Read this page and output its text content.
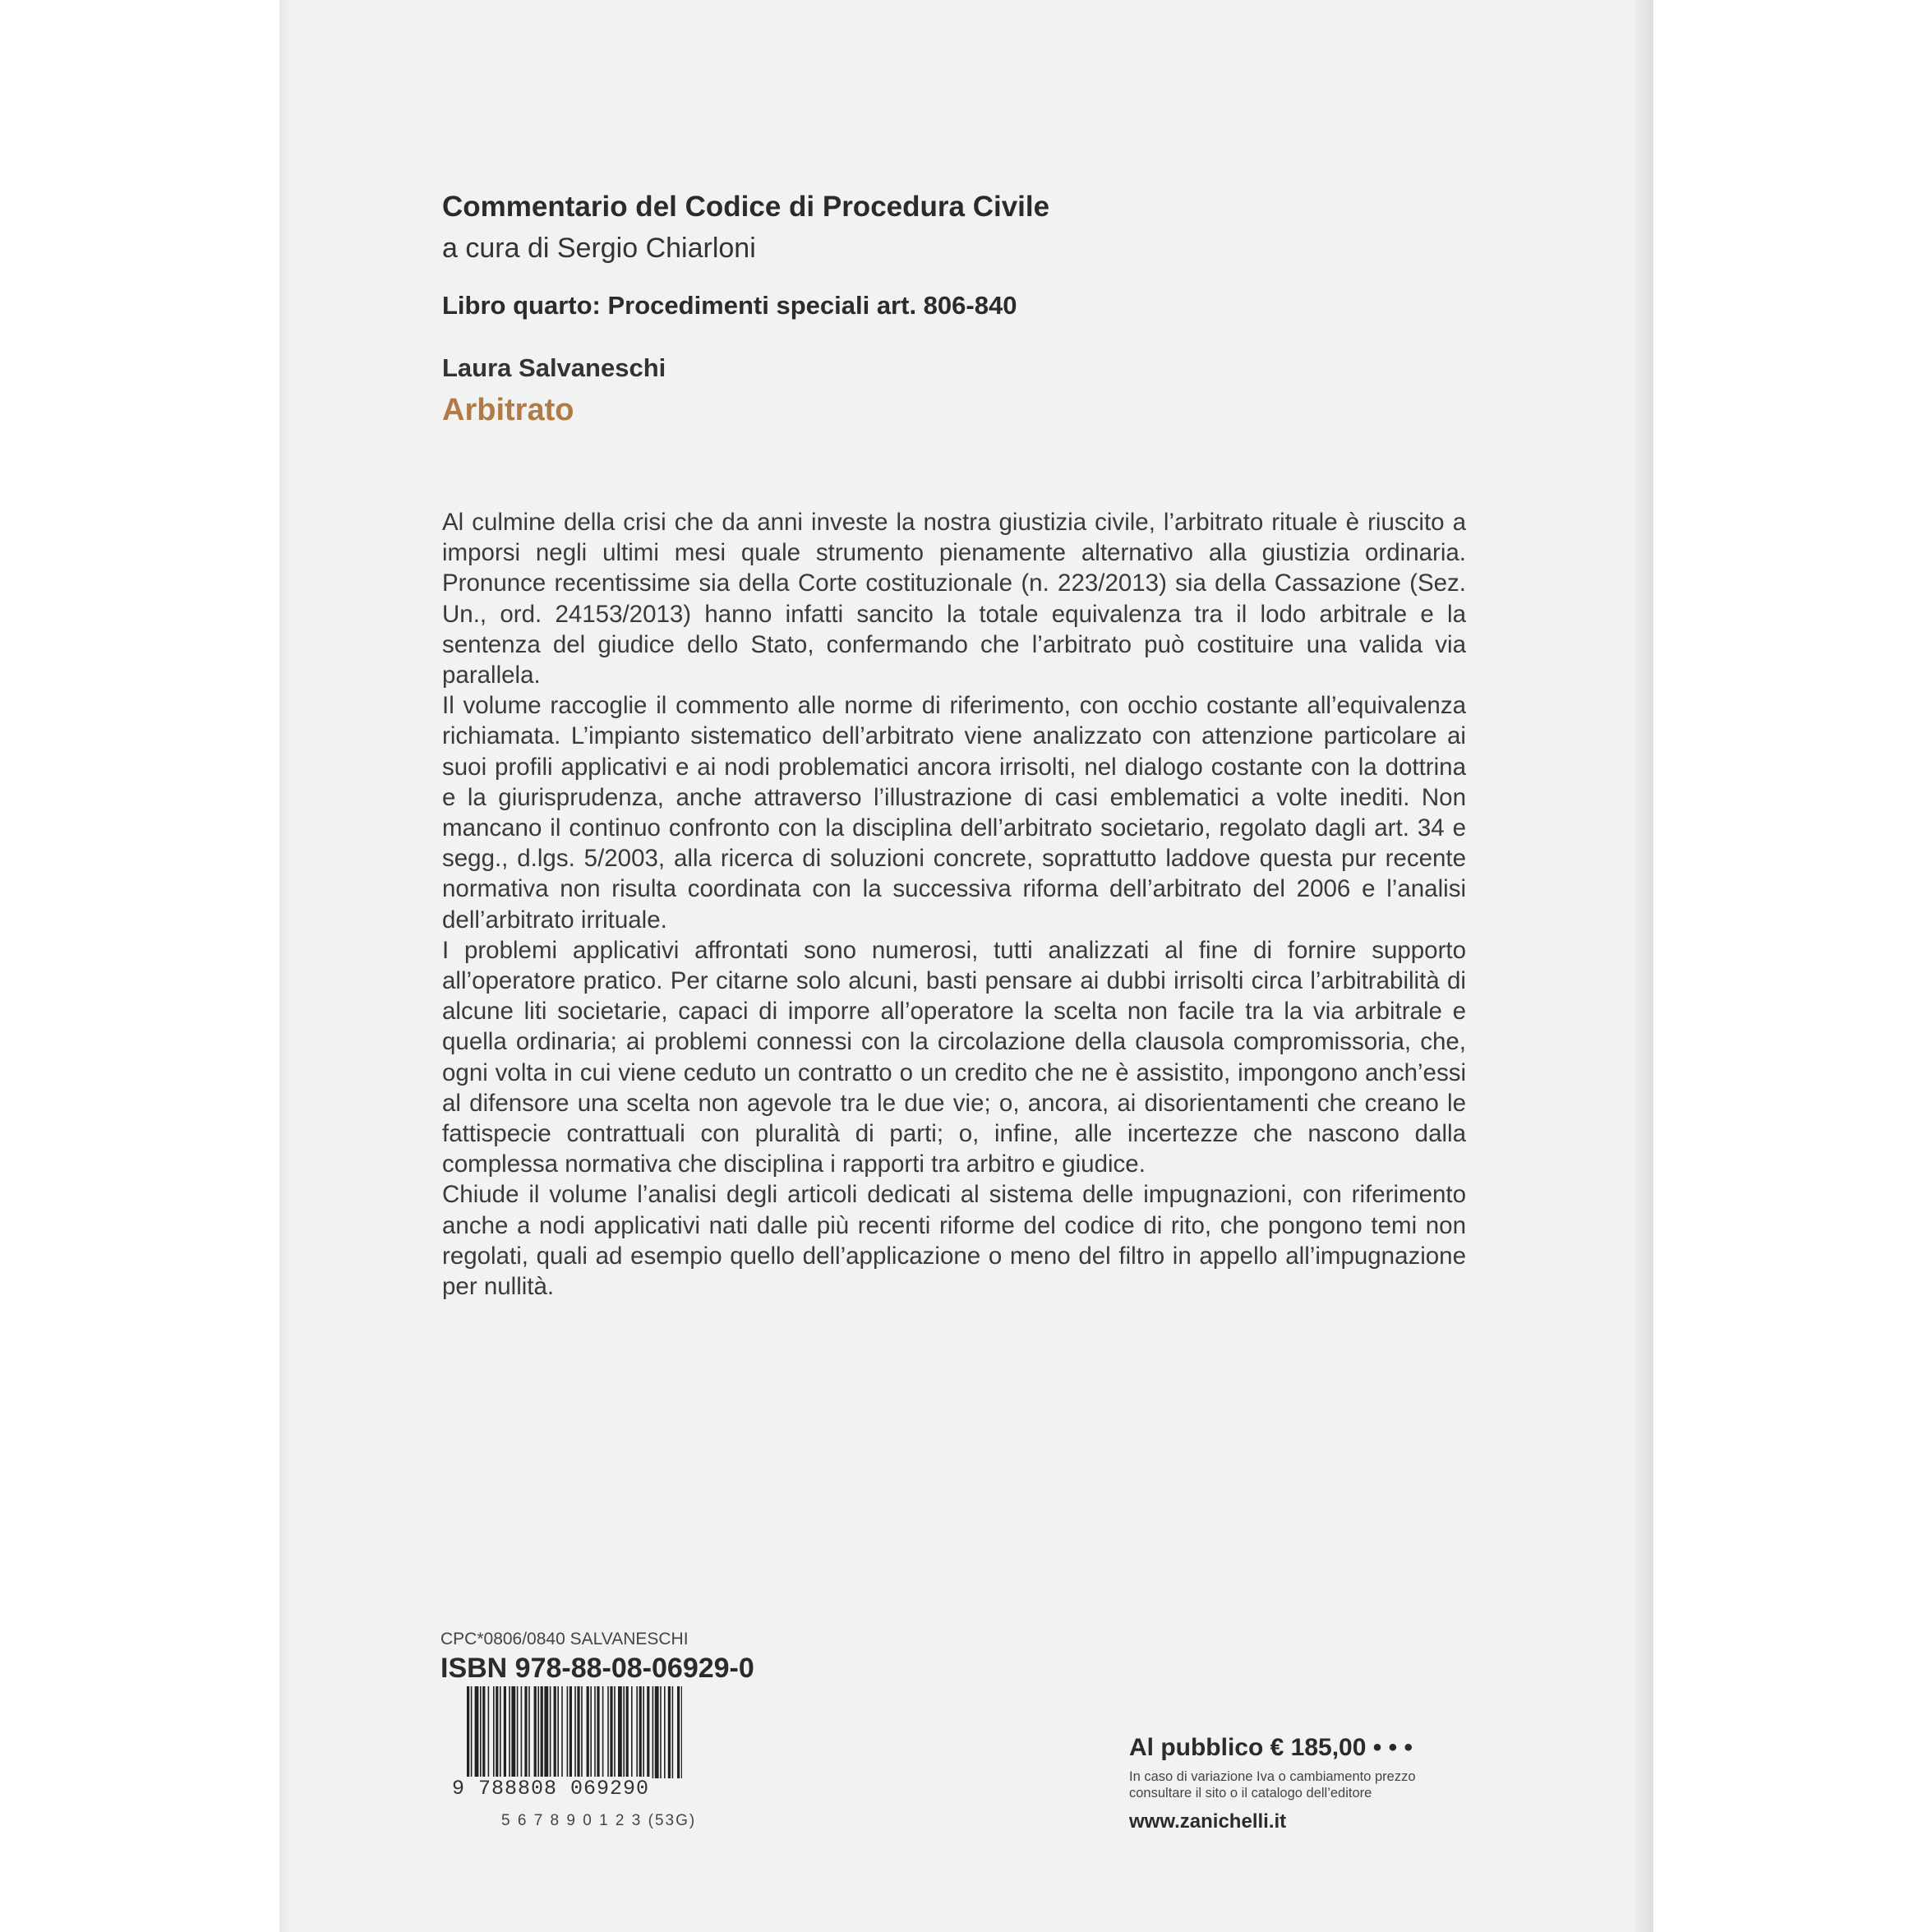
Commentario del Codice di Procedura Civile
a cura di Sergio Chiarloni
Libro quarto: Procedimenti speciali art. 806-840
Laura Salvaneschi
Arbitrato

Al culmine della crisi che da anni investe la nostra giustizia civile, l’arbitrato rituale è riuscito a imporsi negli ultimi mesi quale strumento pienamente alternativo alla giustizia ordinaria. Pronunce recentissime sia della Corte costituzionale (n. 223/2013) sia della Cassazione (Sez. Un., ord. 24153/2013) hanno infatti sancito la totale equivalenza tra il lodo arbitrale e la sentenza del giudice dello Stato, confermando che l’arbitrato può costituire una valida via parallela.

Il volume raccoglie il commento alle norme di riferimento, con occhio costante all’equivalenza richiamata. L’impianto sistematico dell’arbitrato viene analizzato con attenzione particolare ai suoi profili applicativi e ai nodi problematici ancora irrisolti, nel dialogo costante con la dottrina e la giurisprudenza, anche attraverso l’illustrazione di casi emblematici a volte inediti. Non mancano il continuo confronto con la disciplina dell’arbitrato societario, regolato dagli art. 34 e segg., d.lgs. 5/2003, alla ricerca di soluzioni concrete, soprattutto laddove questa pur recente normativa non risulta coordinata con la successiva riforma dell’arbitrato del 2006 e l’analisi dell’arbitrato irrituale.

I problemi applicativi affrontati sono numerosi, tutti analizzati al fine di fornire supporto all’operatore pratico. Per citarne solo alcuni, basti pensare ai dubbi irrisolti circa l’arbitrabilità di alcune liti societarie, capaci di imporre all’operatore la scelta non facile tra la via arbitrale e quella ordinaria; ai problemi connessi con la circolazione della clausola compromissoria, che, ogni volta in cui viene ceduto un contratto o un credito che ne è assistito, impongono anch’essi al difensore una scelta non agevole tra le due vie; o, ancora, ai disorientamenti che creano le fattispecie contrattuali con pluralità di parti; o, infine, alle incertezze che nascono dalla complessa normativa che disciplina i rapporti tra arbitro e giudice.

Chiude il volume l’analisi degli articoli dedicati al sistema delle impugnazioni, con riferimento anche a nodi applicativi nati dalle più recenti riforme del codice di rito, che pongono temi non regolati, quali ad esempio quello dell’applicazione o meno del filtro in appello all’impugnazione per nullità.

CPC*0806/0840 SALVANESCHI
ISBN 978-88-08-06929-0
9 788808 069290
5 6 7 8 9 0 1 2 3 (53G)
Al pubblico € 185,00 • • •
In caso di variazione Iva o cambiamento prezzo consultare il sito o il catalogo dell’editore
www.zanichelli.it
